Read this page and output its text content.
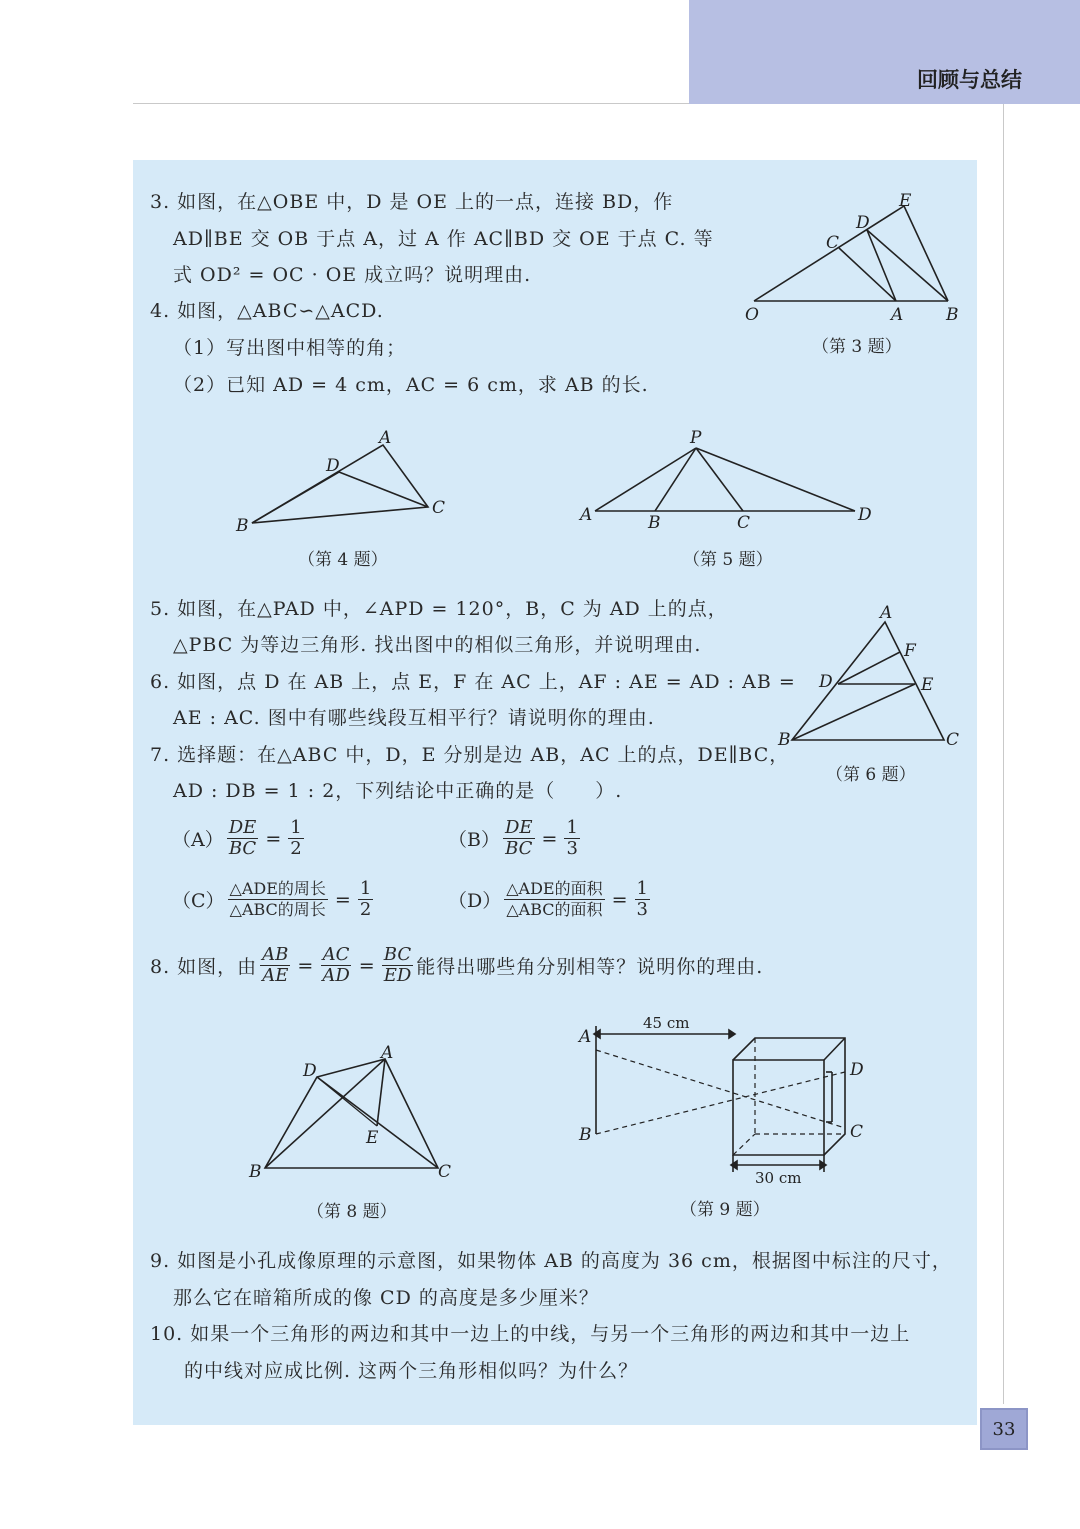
回顾与总结
3. 如图，在△OBE 中，D 是 OE 上的一点，连接 BD，作
AD∥BE 交 OB 于点 A，过 A 作 AC∥BD 交 OE 于点 C. 等
式 OD² = OC · OE 成立吗？说明理由.
E
D
C
O	A	B
（第 3 题）
4. 如图，△ABC∽△ACD.
（1）写出图中相等的角；
（2）已知 AD = 4 cm，AC = 6 cm，求 AB 的长.
A
D
B
C
（第 4 题）
P
A	B	C	D
（第 5 题）
5. 如图，在△PAD 中，∠APD = 120°，B，C 为 AD 上的点，
△PBC 为等边三角形. 找出图中的相似三角形，并说明理由.
A
F
D	E
B	C
（第 6 题）
6. 如图，点 D 在 AB 上，点 E，F 在 AC 上，AF : AE = AD : AB =
AE : AC. 图中有哪些线段互相平行？请说明你的理由.
7. 选择题：在△ABC 中，D，E 分别是边 AB，AC 上的点，DE∥BC，
AD : DB = 1 : 2，下列结论中正确的是（　　）.
$(A) \frac{DE}{BC} = \frac{1}{2}$	$(B) \frac{DE}{BC} = \frac{1}{3}$
$(C) \frac{\text{△ADE的周长}}{\text{△ABC的周长}} = \frac{1}{2}$	$(D) \frac{\text{△ADE的面积}}{\text{△ABC的面积}} = \frac{1}{3}$
8. 如图，由 $\frac{AB}{AE} = \frac{AC}{AD} = \frac{BC}{ED}$ 能得出哪些角分别相等？说明你的理由.
A
D
E
B	C
（第 8 题）
A
B
D
C
45 cm
30 cm
（第 9 题）
9. 如图是小孔成像原理的示意图，如果物体 AB 的高度为 36 cm，根据图中标注的尺寸，
那么它在暗箱所成的像 CD 的高度是多少厘米？
10. 如果一个三角形的两边和其中一边上的中线，与另一个三角形的两边和其中一边上
的中线对应成比例. 这两个三角形相似吗？为什么？
33
